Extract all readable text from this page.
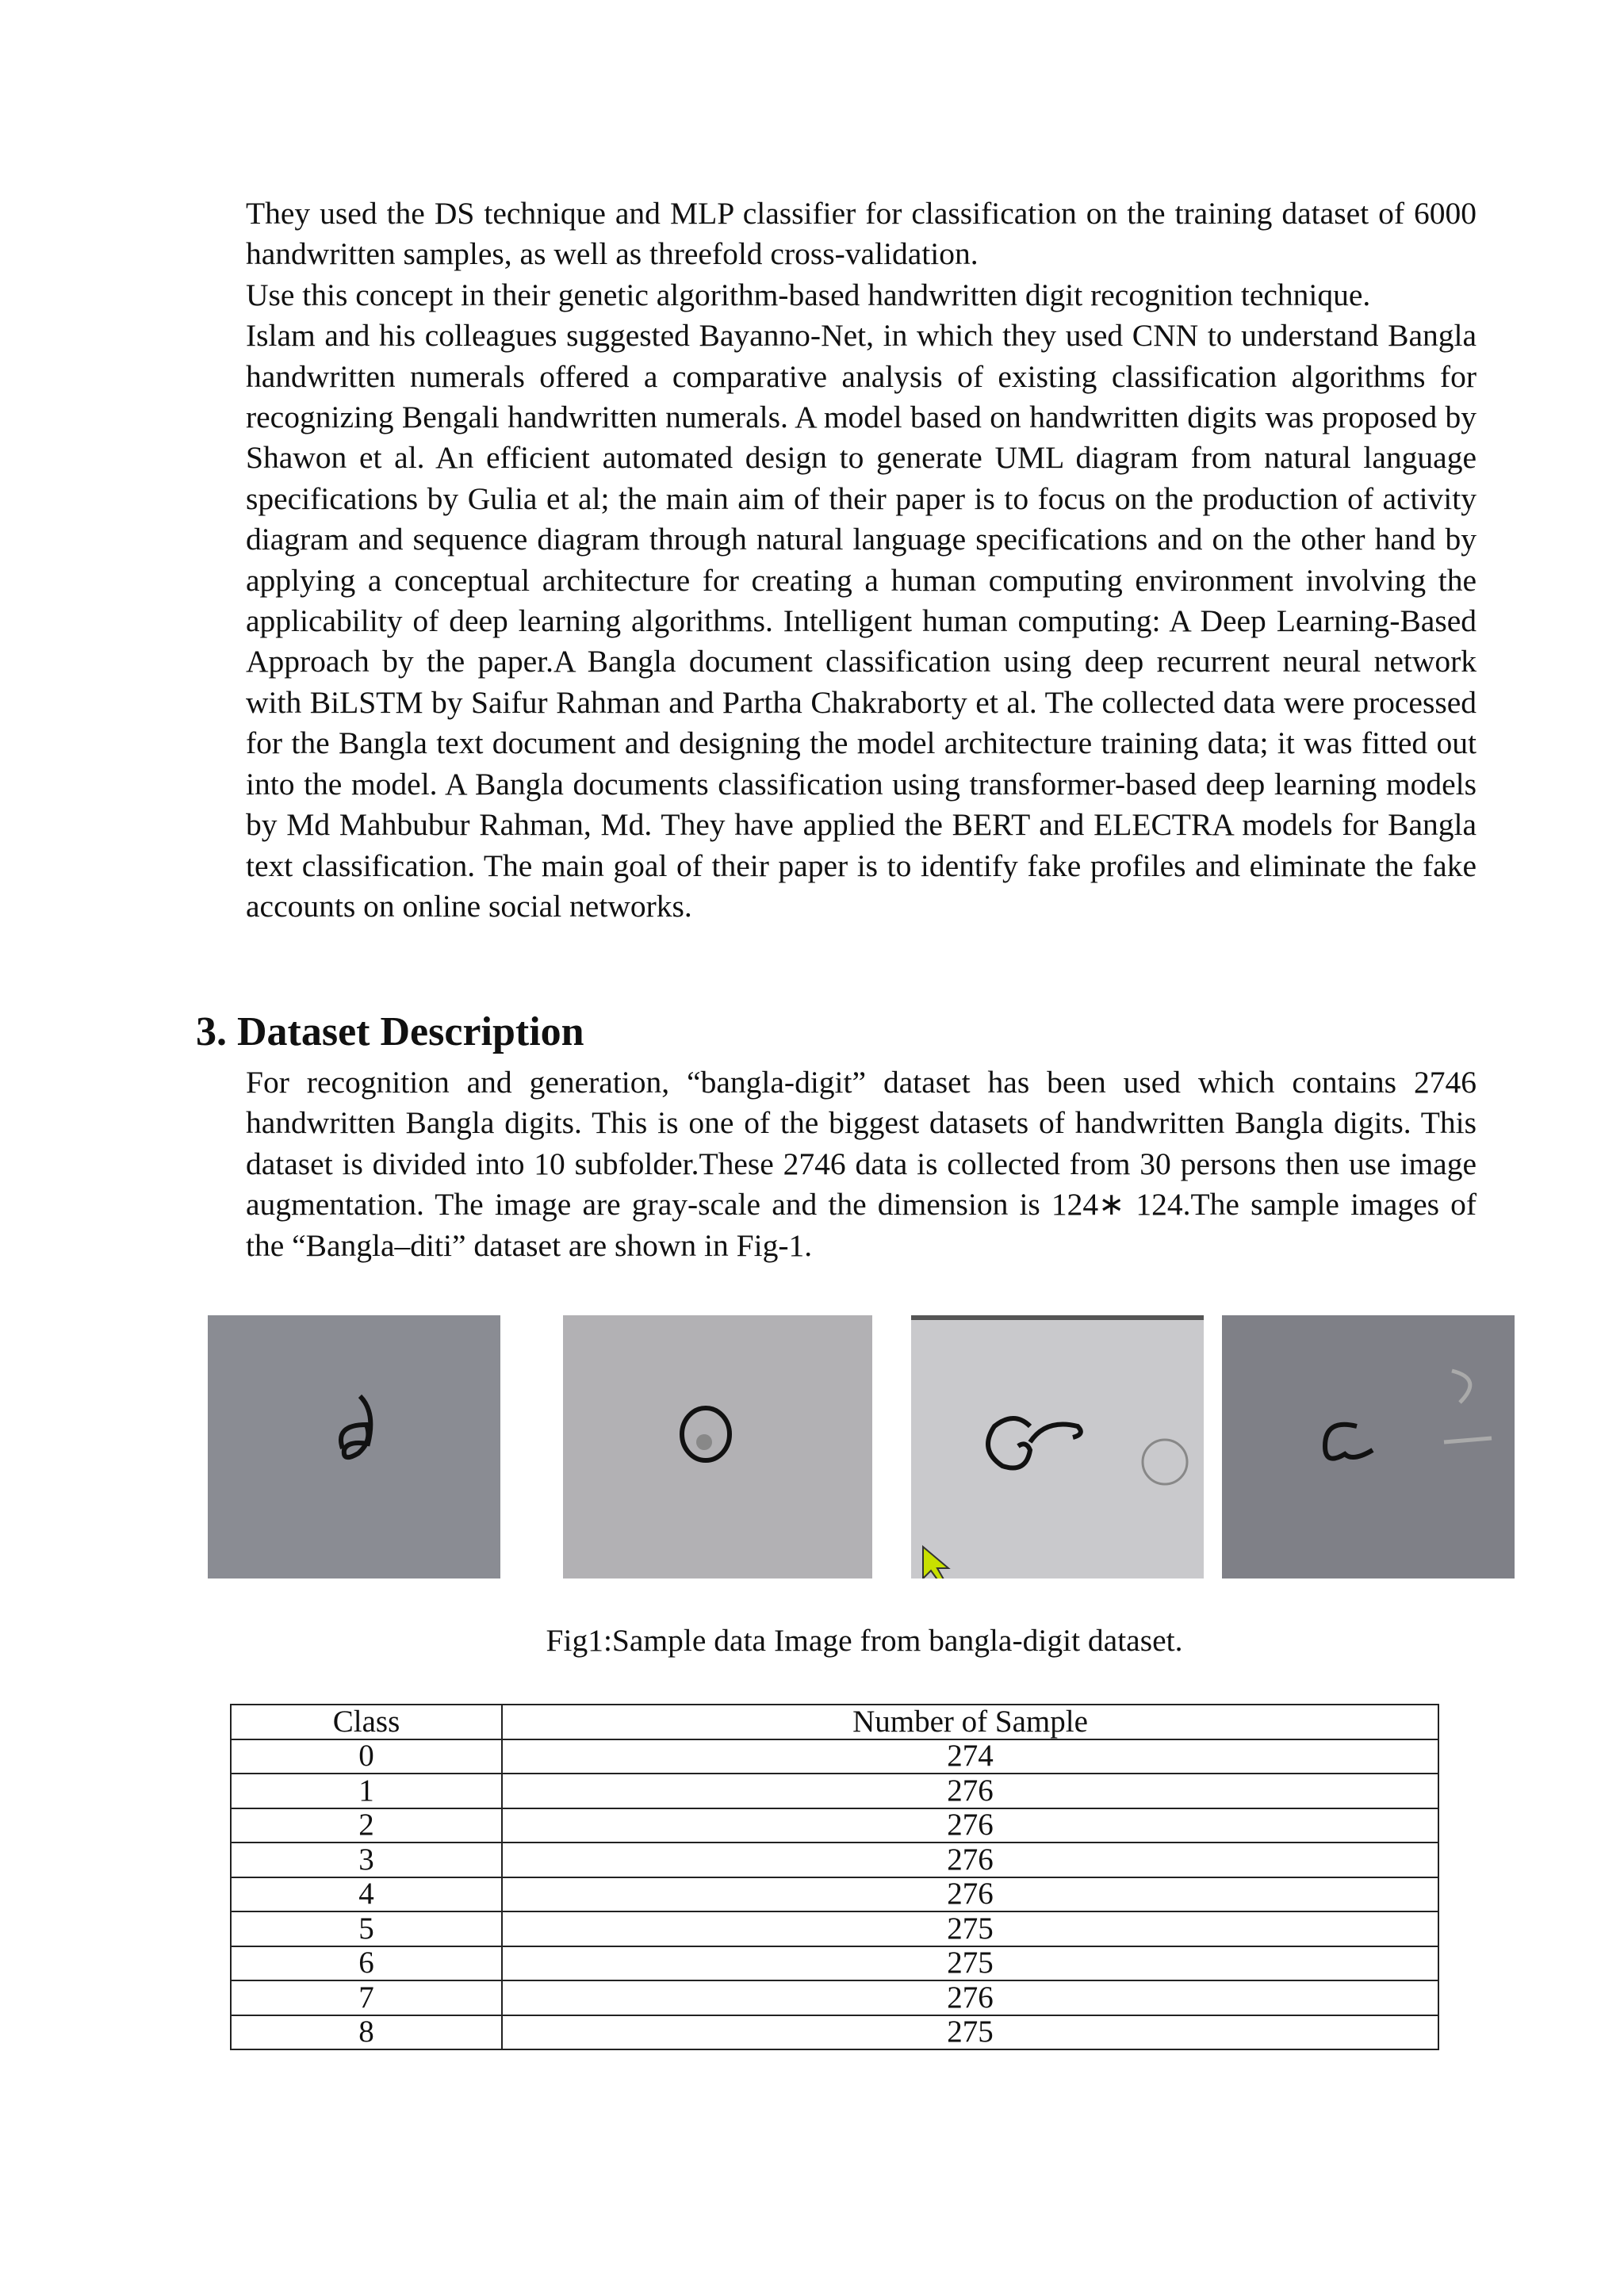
They used the DS technique and MLP classifier for classification on the training dataset of 6000 handwritten samples, as well as threefold cross-validation.

Use this concept in their genetic algorithm-based handwritten digit recognition technique.

Islam and his colleagues suggested Bayanno-Net, in which they used CNN to understand Bangla handwritten numerals offered a comparative analysis of existing classification algorithms for recognizing Bengali handwritten numerals. A model based on handwritten digits was proposed by Shawon et al. An efficient automated design to generate UML diagram from natural language specifications by Gulia et al; the main aim of their paper is to focus on the production of activity diagram and sequence diagram through natural language specifications and on the other hand by applying a conceptual architecture for creating a human computing environment involving the applicability of deep learning algorithms. Intelligent human computing: A Deep Learning-Based Approach by the paper.A Bangla document classification using deep recurrent neural network with BiLSTM by Saifur Rahman and Partha Chakraborty et al. The collected data were processed for the Bangla text document and designing the model architecture training data; it was fitted out into the model. A Bangla documents classification using transformer-based deep learning models by Md Mahbubur Rahman, Md. They have applied the BERT and ELECTRA models for Bangla text classification. The main goal of their paper is to identify fake profiles and eliminate the fake accounts on online social networks.

3. Dataset Description

For recognition and generation, “bangla-digit” dataset has been used which contains 2746 handwritten Bangla digits. This is one of the biggest datasets of handwritten Bangla digits. This dataset is divided into 10 subfolder.These 2746 data is collected from 30 persons then use image augmentation. The image are gray-scale and the dimension is 124∗ 124.The sample images of the “Bangla–diti” dataset are shown in Fig-1.

Fig1:Sample data Image from bangla-digit dataset.
Class	Number of Sample
0	274
1	276
2	276
3	276
4	276
5	275
6	275
7	276
8	275
